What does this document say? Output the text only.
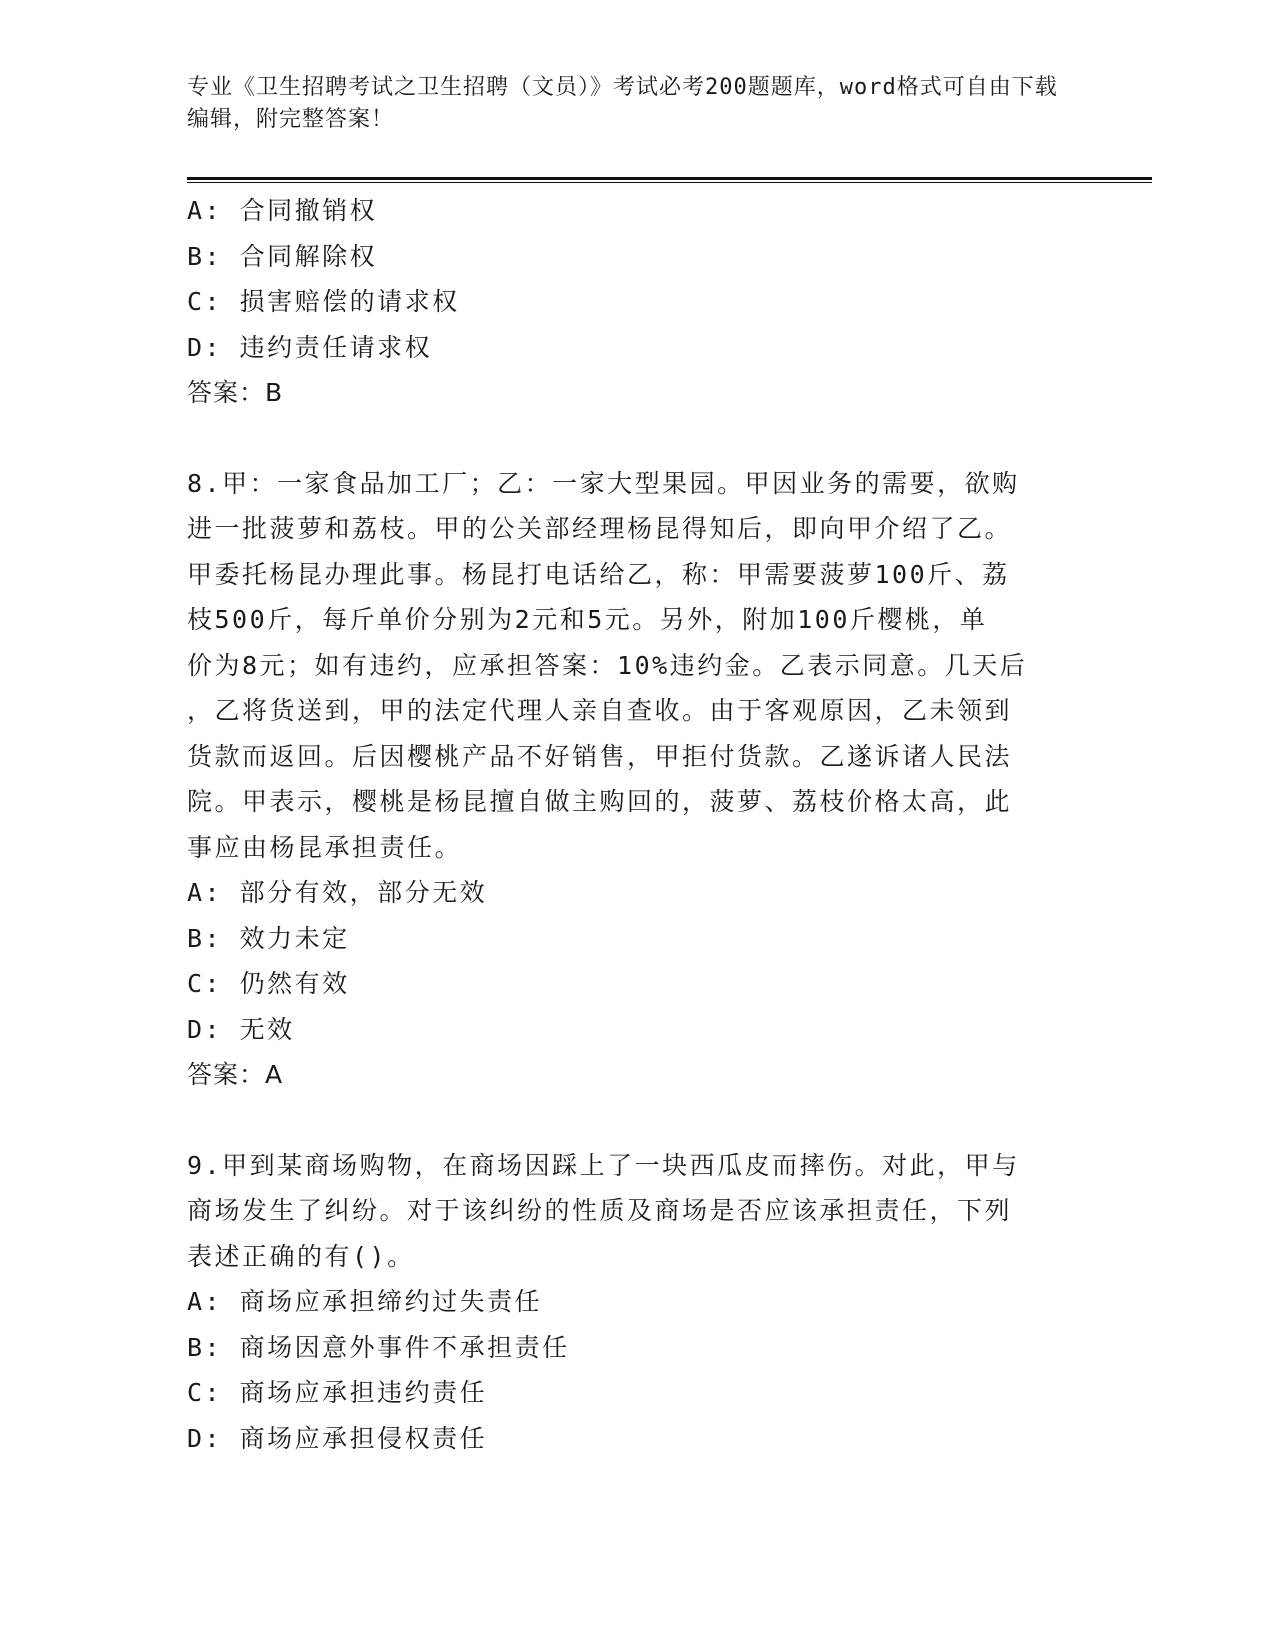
专业《卫生招聘考试之卫生招聘（文员）》考试必考200题题库，word格式可自由下载编辑，附完整答案！
A: 合同撤销权
B: 合同解除权
C: 损害赔偿的请求权
D: 违约责任请求权
答案：B
8.甲：一家食品加工厂；乙：一家大型果园。甲因业务的需要，欲购
进一批菠萝和荔枝。甲的公关部经理杨昆得知后，即向甲介绍了乙。
甲委托杨昆办理此事。杨昆打电话给乙，称：甲需要菠萝100斤、荔
枝500斤，每斤单价分别为2元和5元。另外，附加100斤樱桃，单
价为8元；如有违约，应承担答案：10%违约金。乙表示同意。几天后
，乙将货送到，甲的法定代理人亲自查收。由于客观原因，乙未领到
货款而返回。后因樱桃产品不好销售，甲拒付货款。乙遂诉诸人民法
院。甲表示，樱桃是杨昆擅自做主购回的，菠萝、荔枝价格太高，此
事应由杨昆承担责任。
A: 部分有效，部分无效
B: 效力未定
C: 仍然有效
D: 无效
答案：A
9.甲到某商场购物，在商场因踩上了一块西瓜皮而摔伤。对此，甲与
商场发生了纠纷。对于该纠纷的性质及商场是否应该承担责任，下列
表述正确的有()。
A: 商场应承担缔约过失责任
B: 商场因意外事件不承担责任
C: 商场应承担违约责任
D: 商场应承担侵权责任
